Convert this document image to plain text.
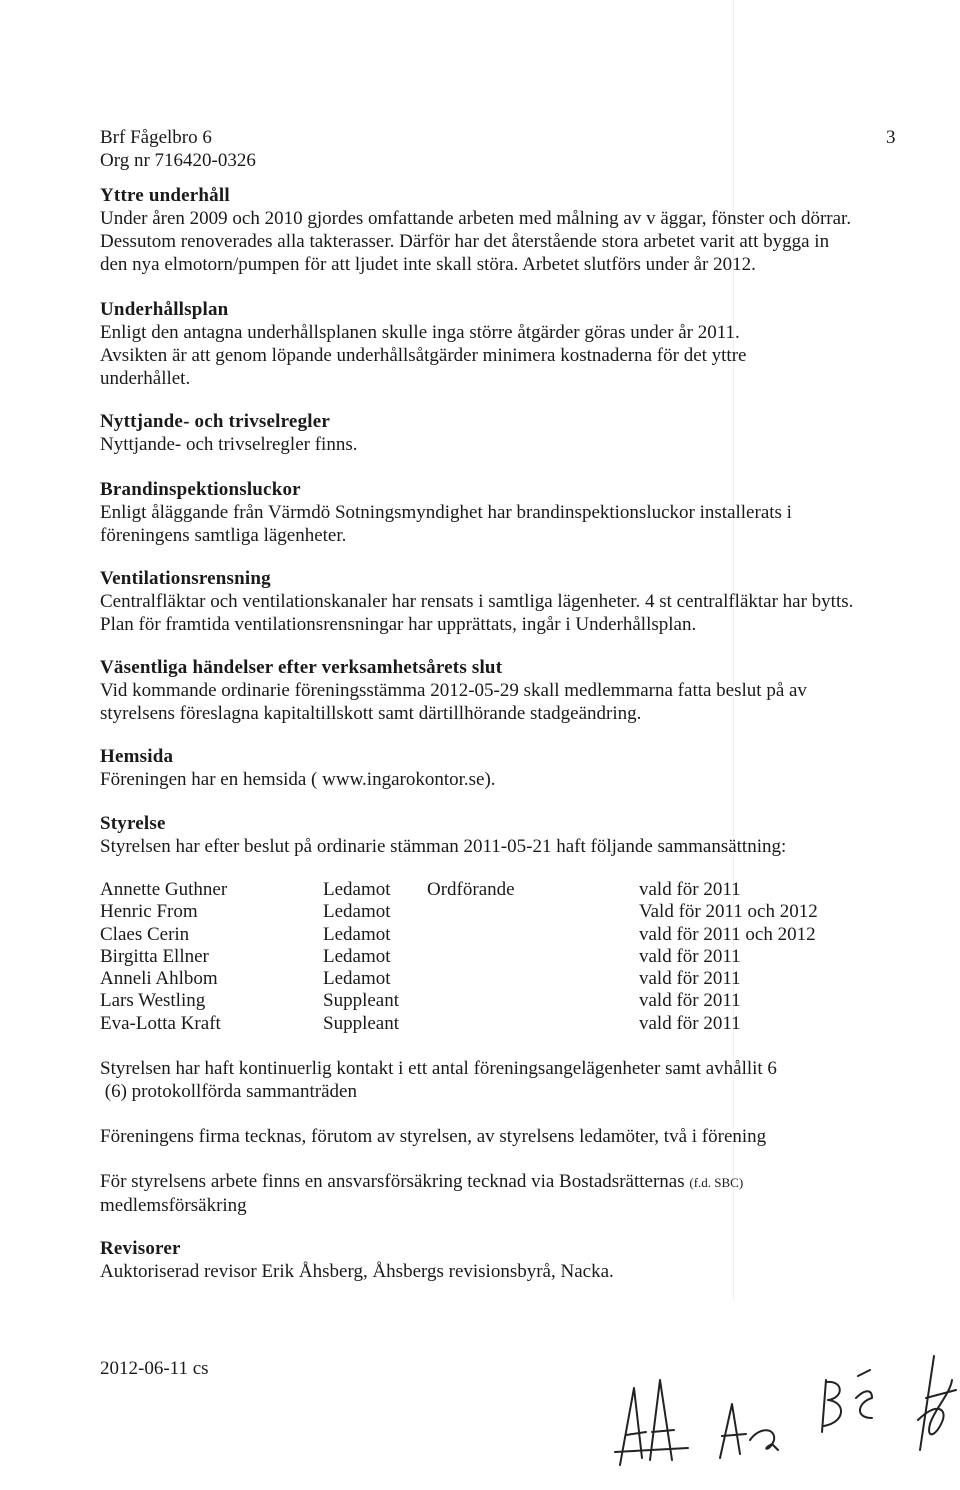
Brf Fågelbro 6
Org nr 716420-0326
3
Yttre underhåll

Under åren 2009 och 2010 gjordes omfattande arbeten med målning av v äggar, fönster och dörrar.

Dessutom renoverades alla takterasser. Därför har det återstående stora arbetet varit att bygga in

den nya elmotorn/pumpen för att ljudet inte skall störa. Arbetet slutförs under år 2012.

Underhållsplan

Enligt den antagna underhållsplanen skulle inga större åtgärder göras under år 2011.

Avsikten är att genom löpande underhållsåtgärder minimera kostnaderna för det yttre

underhållet.

Nyttjande- och trivselregler

Nyttjande- och trivselregler finns.

Brandinspektionsluckor

Enligt åläggande från Värmdö Sotningsmyndighet har brandinspektionsluckor installerats i

föreningens samtliga lägenheter.

Ventilationsrensning

Centralfläktar och ventilationskanaler har rensats i samtliga lägenheter. 4 st centralfläktar har bytts.

Plan för framtida ventilationsrensningar har upprättats, ingår i Underhållsplan.

Väsentliga händelser efter verksamhetsårets slut

Vid kommande ordinarie föreningsstämma 2012-05-29 skall medlemmarna fatta beslut på av

styrelsens föreslagna kapitaltillskott samt därtillhörande stadgeändring.

Hemsida

Föreningen har en hemsida ( www.ingarokontor.se).

Styrelse

Styrelsen har efter beslut på ordinarie stämman 2011-05-21 haft följande sammansättning:

Annette Guthner	Ledamot Ordförande	vald för 2011
Henric From	Ledamot	Vald för 2011 och 2012
Claes Cerin	Ledamot	vald för 2011 och 2012
Birgitta Ellner	Ledamot	vald för 2011
Anneli Ahlbom	Ledamot	vald för 2011
Lars Westling	Suppleant	vald för 2011
Eva-Lotta Kraft	Suppleant	vald för 2011

Styrelsen har haft kontinuerlig kontakt i ett antal föreningsangelägenheter samt avhållit 6

(6) protokollförda sammanträden

Föreningens firma tecknas, förutom av styrelsen, av styrelsens ledamöter, två i förening

För styrelsens arbete finns en ansvarsförsäkring tecknad via Bostadsrätternas (f.d. SBC)

medlemsförsäkring

Revisorer

Auktoriserad revisor Erik Åhsberg, Åhsbergs revisionsbyrå, Nacka.

2012-06-11 cs
